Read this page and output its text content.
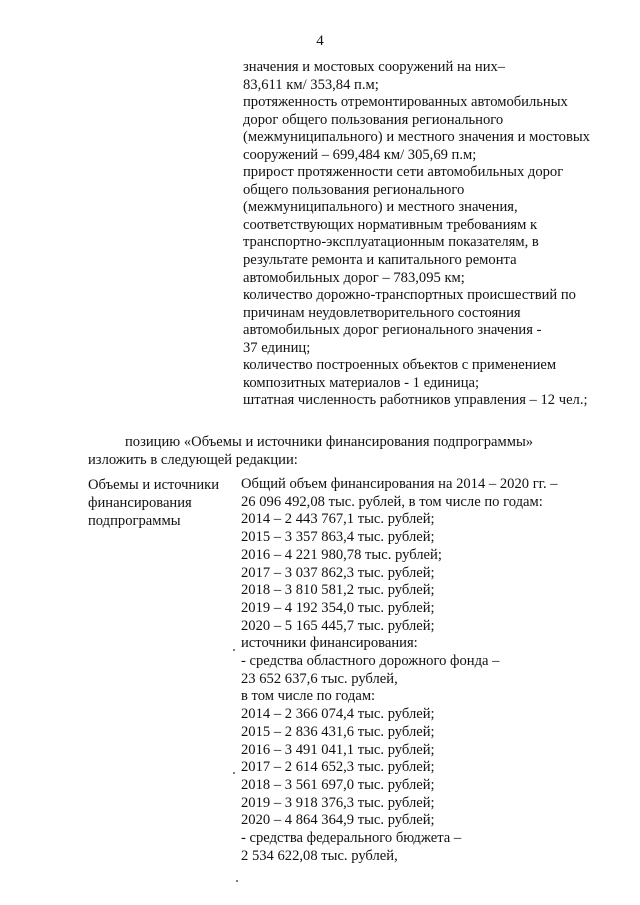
4
значения и мостовых сооружений на них–
83,611 км/ 353,84 п.м;
протяженность отремонтированных автомобильных
дорог общего пользования регионального
(межмуниципального) и местного значения и мостовых
сооружений – 699,484 км/ 305,69 п.м;
прирост протяженности сети автомобильных дорог
общего пользования регионального
(межмуниципального) и местного значения,
соответствующих нормативным требованиям к
транспортно-эксплуатационным показателям, в
результате ремонта и капитального ремонта
автомобильных дорог – 783,095 км;
количество дорожно-транспортных происшествий по
причинам неудовлетворительного состояния
автомобильных дорог регионального значения -
37 единиц;
количество построенных объектов с применением
композитных материалов - 1 единица;
штатная численность работников управления – 12 чел.;
позицию «Объемы и источники финансирования подпрограммы»
изложить в следующей редакции:
Объемы и источники
финансирования
подпрограммы
Общий объем финансирования на 2014 – 2020 гг. –
26 096 492,08 тыс. рублей, в том числе по годам:
2014 – 2 443 767,1 тыс. рублей;
2015 – 3 357 863,4 тыс. рублей;
2016 – 4 221 980,78 тыс. рублей;
2017 – 3 037 862,3 тыс. рублей;
2018 – 3 810 581,2 тыс. рублей;
2019 – 4 192 354,0 тыс. рублей;
2020 – 5 165 445,7 тыс. рублей;
источники финансирования:
- средства областного дорожного фонда –
23 652 637,6 тыс. рублей,
в том числе по годам:
2014 – 2 366 074,4 тыс. рублей;
2015 – 2 836 431,6 тыс. рублей;
2016 – 3 491 041,1 тыс. рублей;
2017 – 2 614 652,3 тыс. рублей;
2018 – 3 561 697,0 тыс. рублей;
2019 – 3 918 376,3 тыс. рублей;
2020 – 4 864 364,9 тыс. рублей;
- средства федерального бюджета –
2 534 622,08 тыс. рублей,
